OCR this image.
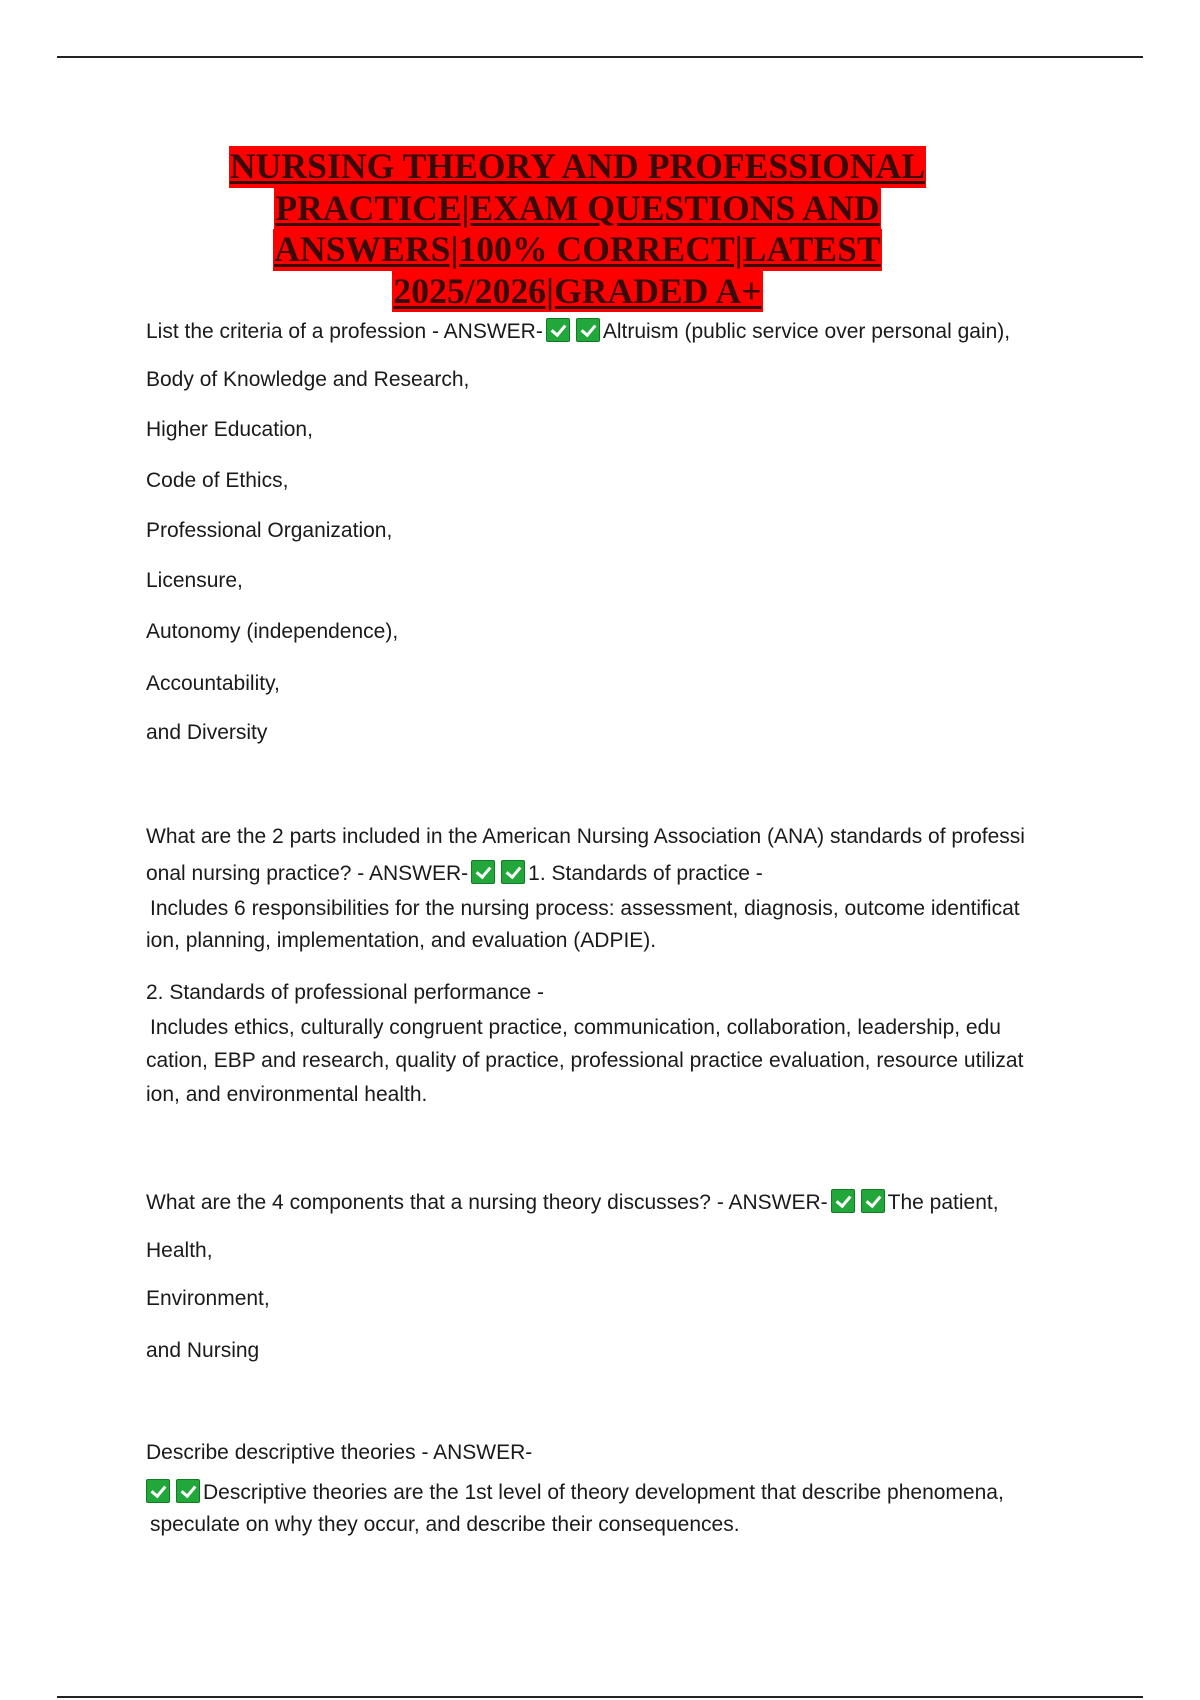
NURSING THEORY AND PROFESSIONAL
PRACTICE|EXAM QUESTIONS AND
ANSWERS|100% CORRECT|LATEST
2025/2026|GRADED A+
List the criteria of a profession - ANSWER-	Altruism (public service over personal gain),
Body of Knowledge and Research,
Higher Education,
Code of Ethics,
Professional Organization,
Licensure,
Autonomy (independence),
Accountability,
and Diversity
What are the 2 parts included in the American Nursing Association (ANA) standards of professi
onal nursing practice? - ANSWER-	1. Standards of practice -
Includes 6 responsibilities for the nursing process: assessment, diagnosis, outcome identificat
ion, planning, implementation, and evaluation (ADPIE).
2. Standards of professional performance -
Includes ethics, culturally congruent practice, communication, collaboration, leadership, edu
cation, EBP and research, quality of practice, professional practice evaluation, resource utilizat
ion, and environmental health.
What are the 4 components that a nursing theory discusses? - ANSWER-	The patient,
Health,
Environment,
and Nursing
Describe descriptive theories - ANSWER-
Descriptive theories are the 1st level of theory development that describe phenomena,
speculate on why they occur, and describe their consequences.
